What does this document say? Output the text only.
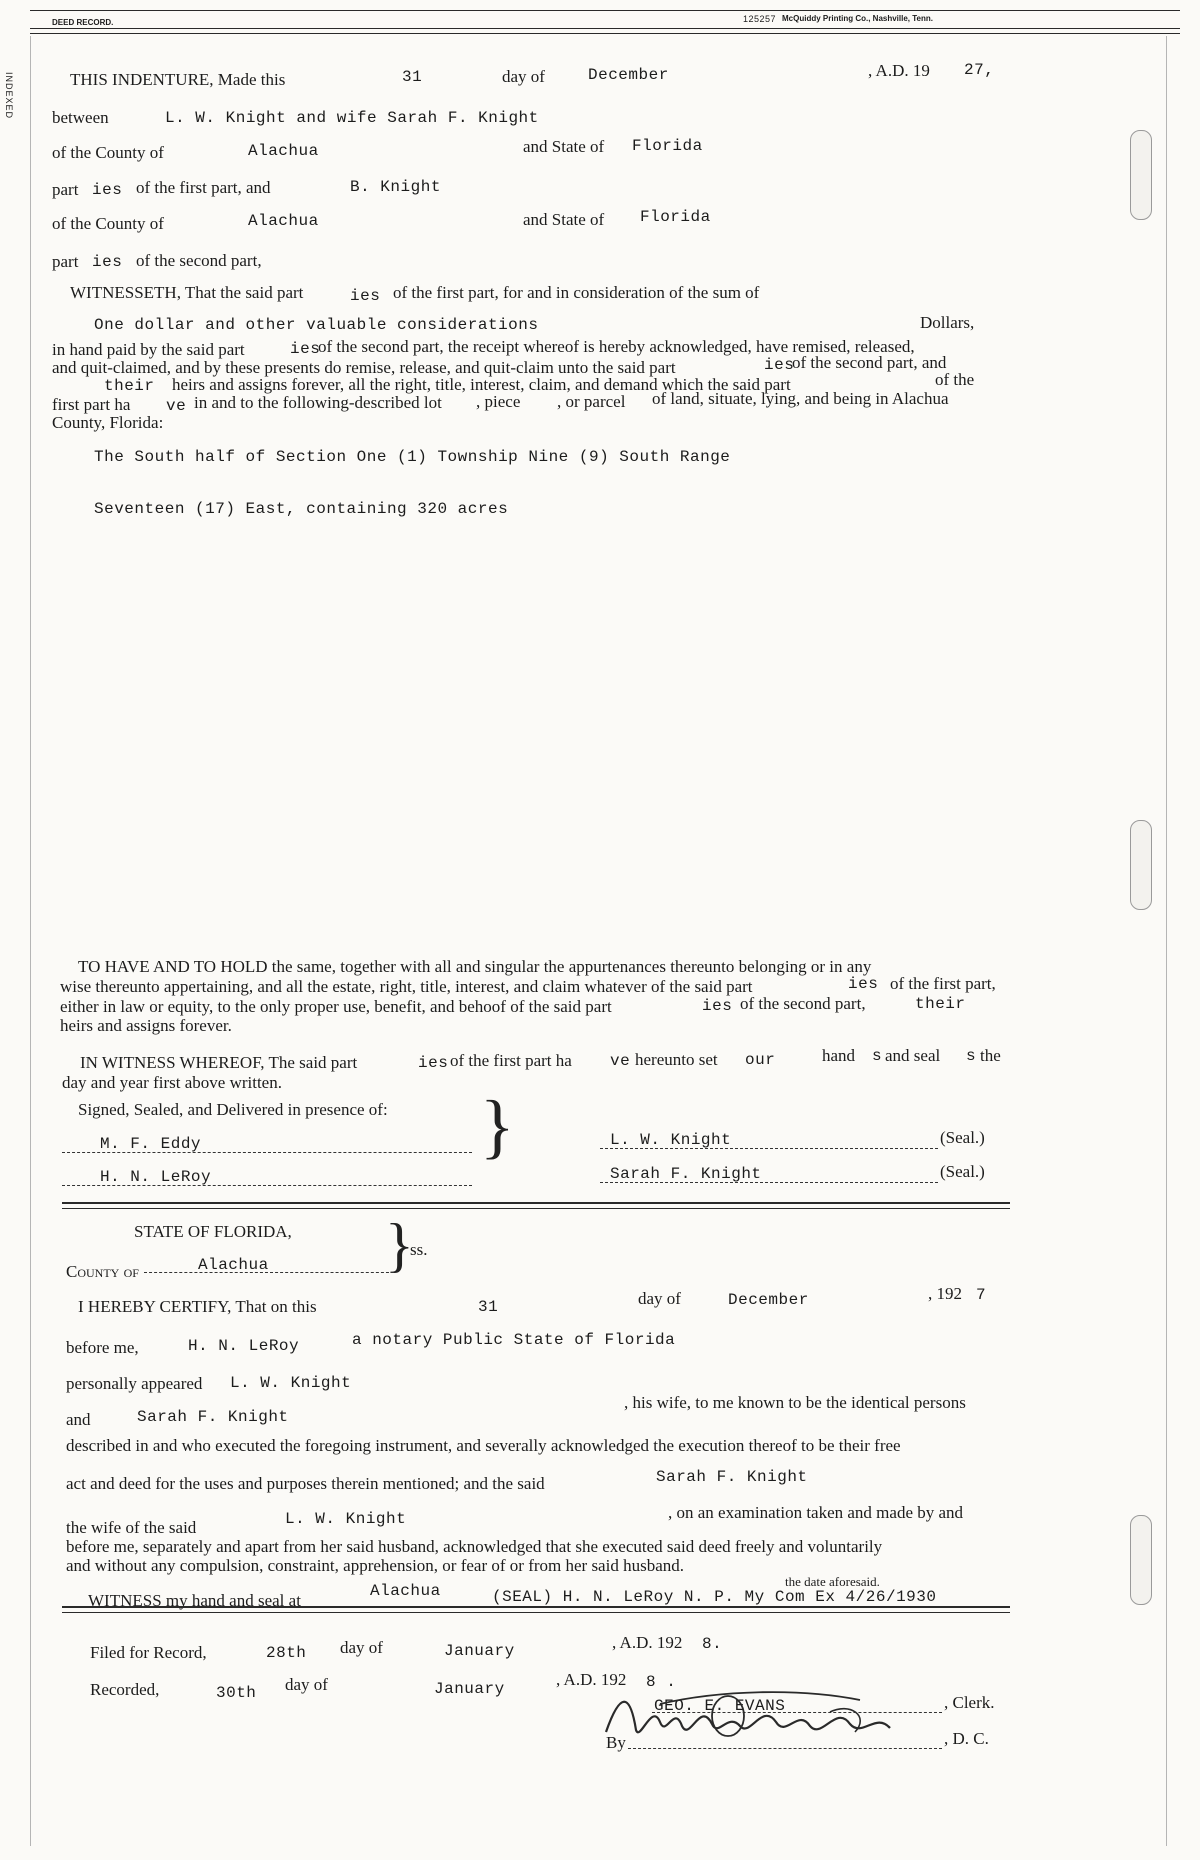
DEED RECORD.	125257 McQuiddy Printing Co., Nashville, Tenn.
INDEXED	THIS INDENTURE, Made this	31	day of	December	, A.D. 19 27,
between	L. W. Knight and wife Sarah F. Knight
of the County of	Alachua	and State of Florida
part ies of the first part, and	B. Knight
of the County of	Alachua	and State of Florida
part ies of the second part,
WITNESSETH, That the said part	ies of the first part, for and in consideration of the sum of
One dollar and other valuable considerations	Dollars,
in hand paid by the said part	ies
of the second part, the receipt whereof is hereby acknowledged, have remised, released,
and quit-claimed, and by these presents do remise, release, and quit-claim unto the said part	ies
of the second part, and
their heirs and assigns forever, all the right, title, interest, claim, and demand which the said part	of the
first part ha ve in and to the following-described lot , piece , or parcel of land, situate, lying, and being in Alachua
County, Florida:
The South half of Section One (1) Township Nine (9) South Range
Seventeen (17) East, containing 320 acres
TO HAVE AND TO HOLD the same, together with all and singular the appurtenances thereunto belonging or in any
wise thereunto appertaining, and all the estate, right, title, interest, and claim whatever of the said part	ies of the first part,
either in law or equity, to the only proper use, benefit, and behoof of the said part	ies of the second part,	their
heirs and assigns forever.
IN WITNESS WHEREOF, The said part	ies of the first part ha ve hereunto set our	hand s and seal s the
day and year first above written.
Signed, Sealed, and Delivered in presence of: }
M. F. Eddy
H. N. LeRoy
L. W. Knight	(Seal.)
Sarah F. Knight	(Seal.)
STATE OF FLORIDA, }
ss.
County of	Alachua
I HEREBY CERTIFY, That on this	31	day of	December	, 192 7
before me,	H. N. LeRoy	a notary Public State of Florida
personally appeared L. W. Knight
and	Sarah F. Knight
, his wife, to me known to be the identical persons
described in and who executed the foregoing instrument, and severally acknowledged the execution thereof to be their free
act and deed for the uses and purposes therein mentioned; and the said	Sarah F. Knight
the wife of the said	L. W. Knight	, on an examination taken and made by and
before me, separately and apart from her said husband, acknowledged that she executed said deed freely and voluntarily
and without any compulsion, constraint, apprehension, or fear of or from her said husband.
WITNESS my hand and seal at	Alachua	(SEAL) H. N. LeRoy N. P. My Com Ex 4/26/1930
the date aforesaid.
Filed for Record,	28th day of	January	, A.D. 192 8.
Recorded,	30th day of	January	, A.D. 192 8 .
GEO. E. EVANS	, Clerk.
By	, D. C.
